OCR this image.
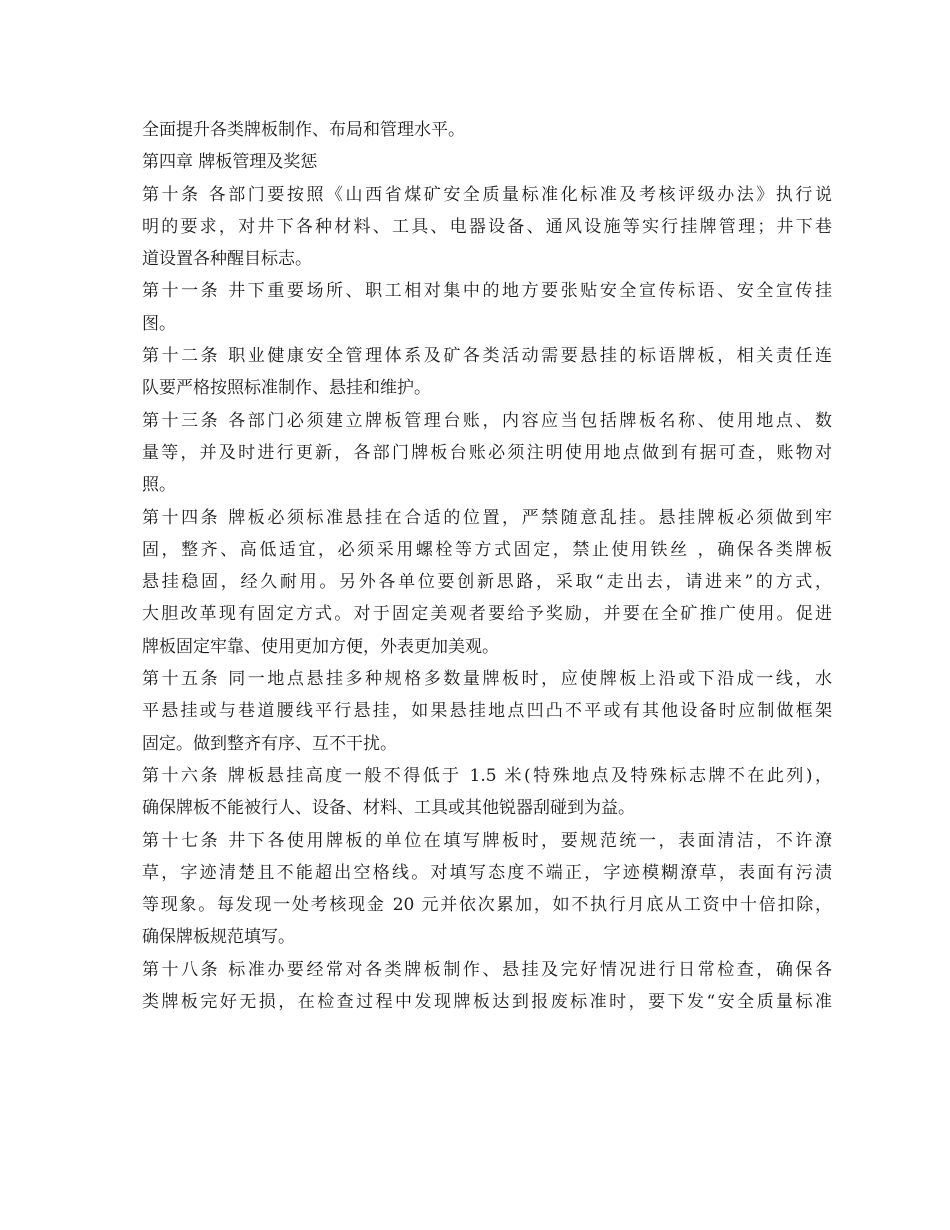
全面提升各类牌板制作、布局和管理水平。
第四章 牌板管理及奖惩
第十条 各部门要按照《山西省煤矿安全质量标准化标准及考核评级办法》执行说
明的要求，对井下各种材料、工具、电器设备、通风设施等实行挂牌管理；井下巷
道设置各种醒目标志。
第十一条 井下重要场所、职工相对集中的地方要张贴安全宣传标语、安全宣传挂
图。
第十二条 职业健康安全管理体系及矿各类活动需要悬挂的标语牌板，相关责任连
队要严格按照标准制作、悬挂和维护。
第十三条 各部门必须建立牌板管理台账，内容应当包括牌板名称、使用地点、数
量等，并及时进行更新，各部门牌板台账必须注明使用地点做到有据可查，账物对
照。
第十四条 牌板必须标准悬挂在合适的位置，严禁随意乱挂。悬挂牌板必须做到牢
固，整齐、高低适宜，必须采用螺栓等方式固定，禁止使用铁丝 ，确保各类牌板
悬挂稳固，经久耐用。另外各单位要创新思路，采取“走出去，请进来”的方式，
大胆改革现有固定方式。对于固定美观者要给予奖励，并要在全矿推广使用。促进
牌板固定牢靠、使用更加方便，外表更加美观。
第十五条 同一地点悬挂多种规格多数量牌板时，应使牌板上沿或下沿成一线，水
平悬挂或与巷道腰线平行悬挂，如果悬挂地点凹凸不平或有其他设备时应制做框架
固定。做到整齐有序、互不干扰。
第十六条 牌板悬挂高度一般不得低于 1.5 米(特殊地点及特殊标志牌不在此列)，
确保牌板不能被行人、设备、材料、工具或其他锐器刮碰到为益。
第十七条 井下各使用牌板的单位在填写牌板时，要规范统一，表面清洁，不许潦
草，字迹清楚且不能超出空格线。对填写态度不端正，字迹模糊潦草，表面有污渍
等现象。每发现一处考核现金 20 元并依次累加，如不执行月底从工资中十倍扣除，
确保牌板规范填写。
第十八条 标准办要经常对各类牌板制作、悬挂及完好情况进行日常检查，确保各
类牌板完好无损，在检查过程中发现牌板达到报废标准时，要下发“安全质量标准
